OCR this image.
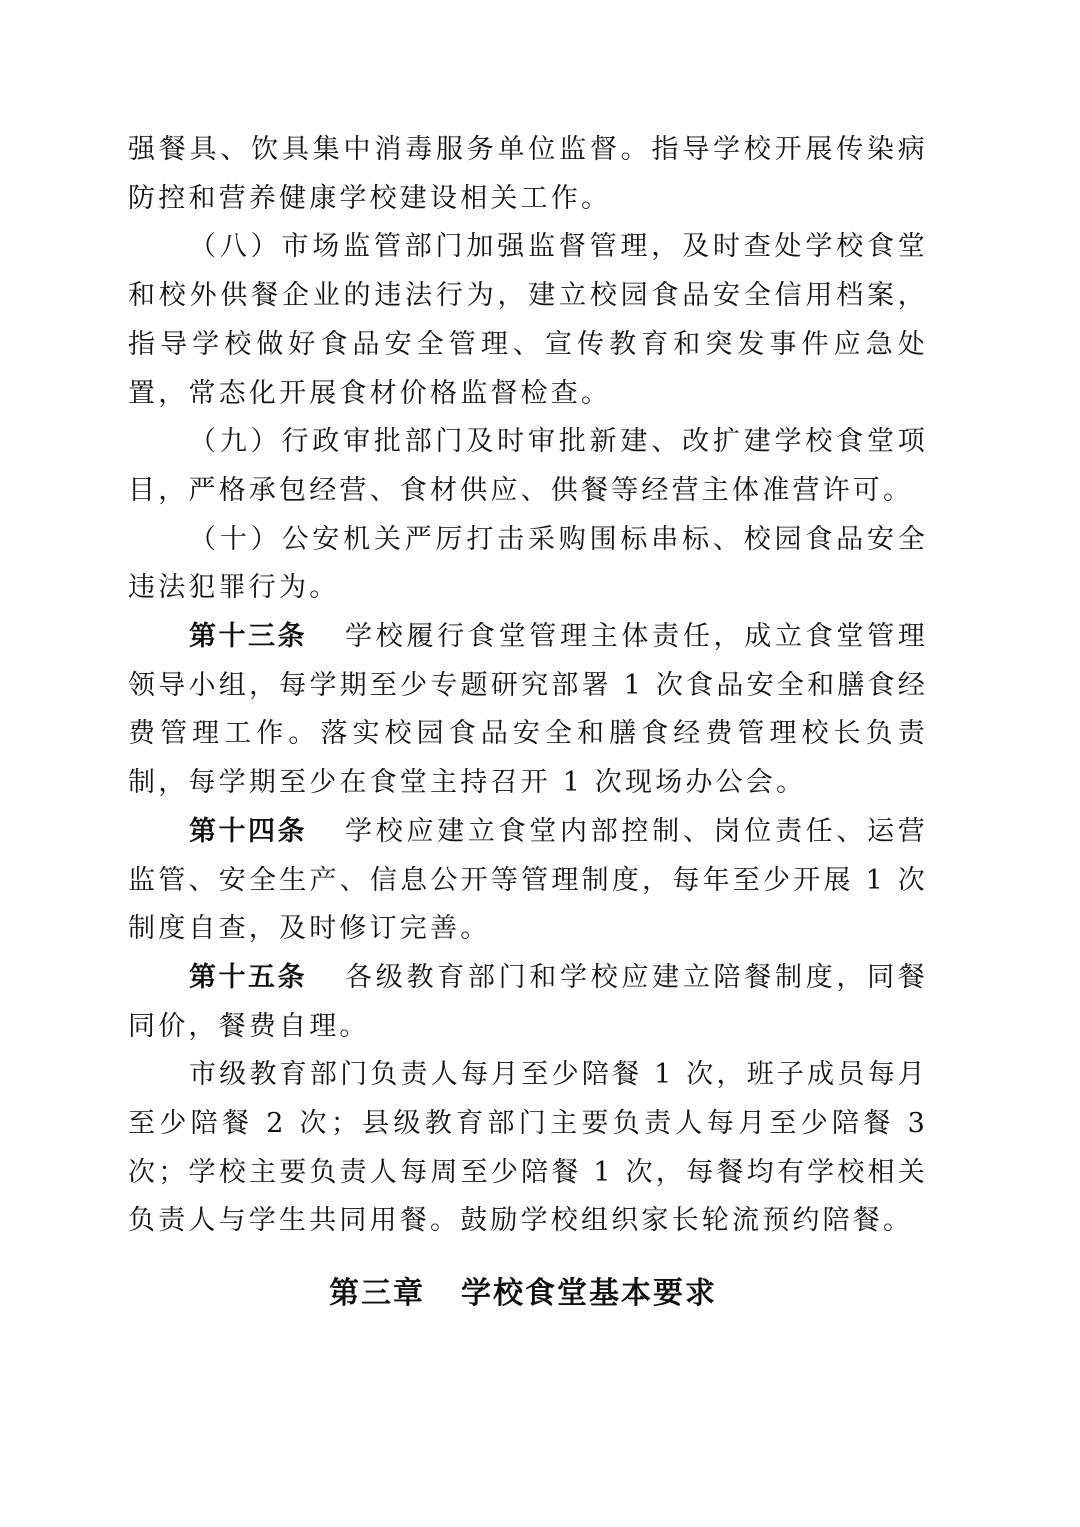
强餐具、饮具集中消毒服务单位监督。指导学校开展传染病防控和营养健康学校建设相关工作。

（八）市场监管部门加强监督管理，及时查处学校食堂和校外供餐企业的违法行为，建立校园食品安全信用档案，指导学校做好食品安全管理、宣传教育和突发事件应急处置，常态化开展食材价格监督检查。

（九）行政审批部门及时审批新建、改扩建学校食堂项目，严格承包经营、食材供应、供餐等经营主体准营许可。

（十）公安机关严厉打击采购围标串标、校园食品安全违法犯罪行为。

第十三条 学校履行食堂管理主体责任，成立食堂管理领导小组，每学期至少专题研究部署 1 次食品安全和膳食经费管理工作。落实校园食品安全和膳食经费管理校长负责制，每学期至少在食堂主持召开 1 次现场办公会。

第十四条 学校应建立食堂内部控制、岗位责任、运营监管、安全生产、信息公开等管理制度，每年至少开展 1 次制度自查，及时修订完善。

第十五条 各级教育部门和学校应建立陪餐制度，同餐同价，餐费自理。

市级教育部门负责人每月至少陪餐 1 次，班子成员每月至少陪餐 2 次；县级教育部门主要负责人每月至少陪餐 3 次；学校主要负责人每周至少陪餐 1 次，每餐均有学校相关负责人与学生共同用餐。鼓励学校组织家长轮流预约陪餐。

第三章 学校食堂基本要求
